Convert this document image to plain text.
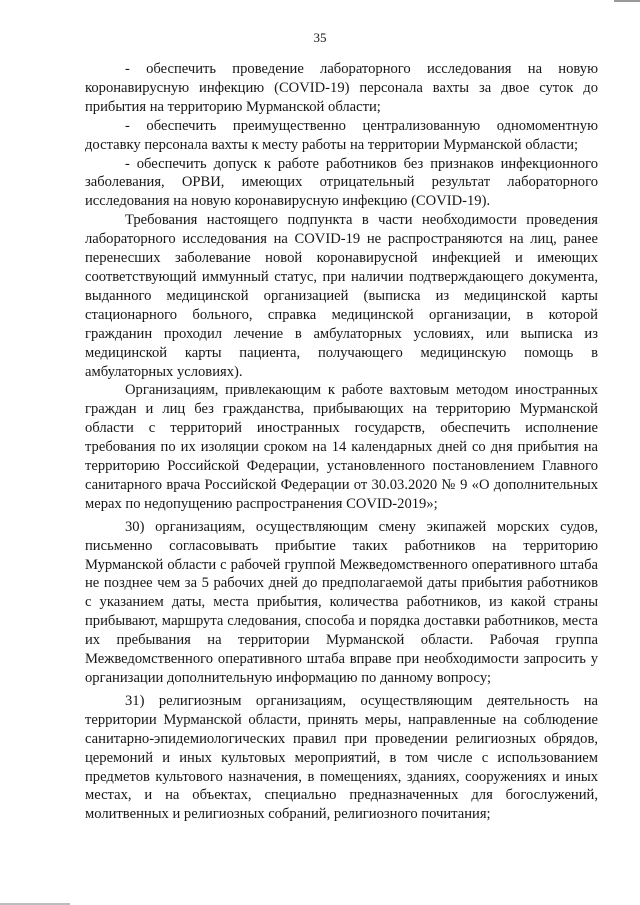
35

- обеспечить проведение лабораторного исследования на новую коронавирусную инфекцию (COVID-19) персонала вахты за двое суток до прибытия на территорию Мурманской области;

- обеспечить преимущественно централизованную одномоментную доставку персонала вахты к месту работы на территории Мурманской области;

- обеспечить допуск к работе работников без признаков инфекционного заболевания, ОРВИ, имеющих отрицательный результат лабораторного исследования на новую коронавирусную инфекцию (COVID-19).

Требования настоящего подпункта в части необходимости проведения лабораторного исследования на COVID-19 не распространяются на лиц, ранее перенесших заболевание новой коронавирусной инфекцией и имеющих соответствующий иммунный статус, при наличии подтверждающего документа, выданного медицинской организацией (выписка из медицинской карты стационарного больного, справка медицинской организации, в которой гражданин проходил лечение в амбулаторных условиях, или выписка из медицинской карты пациента, получающего медицинскую помощь в амбулаторных условиях).

Организациям, привлекающим к работе вахтовым методом иностранных граждан и лиц без гражданства, прибывающих на территорию Мурманской области с территорий иностранных государств, обеспечить исполнение требования по их изоляции сроком на 14 календарных дней со дня прибытия на территорию Российской Федерации, установленного постановлением Главного санитарного врача Российской Федерации от 30.03.2020 № 9 «О дополнительных мерах по недопущению распространения COVID-2019»;

30) организациям, осуществляющим смену экипажей морских судов, письменно согласовывать прибытие таких работников на территорию Мурманской области с рабочей группой Межведомственного оперативного штаба не позднее чем за 5 рабочих дней до предполагаемой даты прибытия работников с указанием даты, места прибытия, количества работников, из какой страны прибывают, маршрута следования, способа и порядка доставки работников, места их пребывания на территории Мурманской области. Рабочая группа Межведомственного оперативного штаба вправе при необходимости запросить у организации дополнительную информацию по данному вопросу;

31) религиозным организациям, осуществляющим деятельность на территории Мурманской области, принять меры, направленные на соблюдение санитарно-эпидемиологических правил при проведении религиозных обрядов, церемоний и иных культовых мероприятий, в том числе с использованием предметов культового назначения, в помещениях, зданиях, сооружениях и иных местах, и на объектах, специально предназначенных для богослужений, молитвенных и религиозных собраний, религиозного почитания;
